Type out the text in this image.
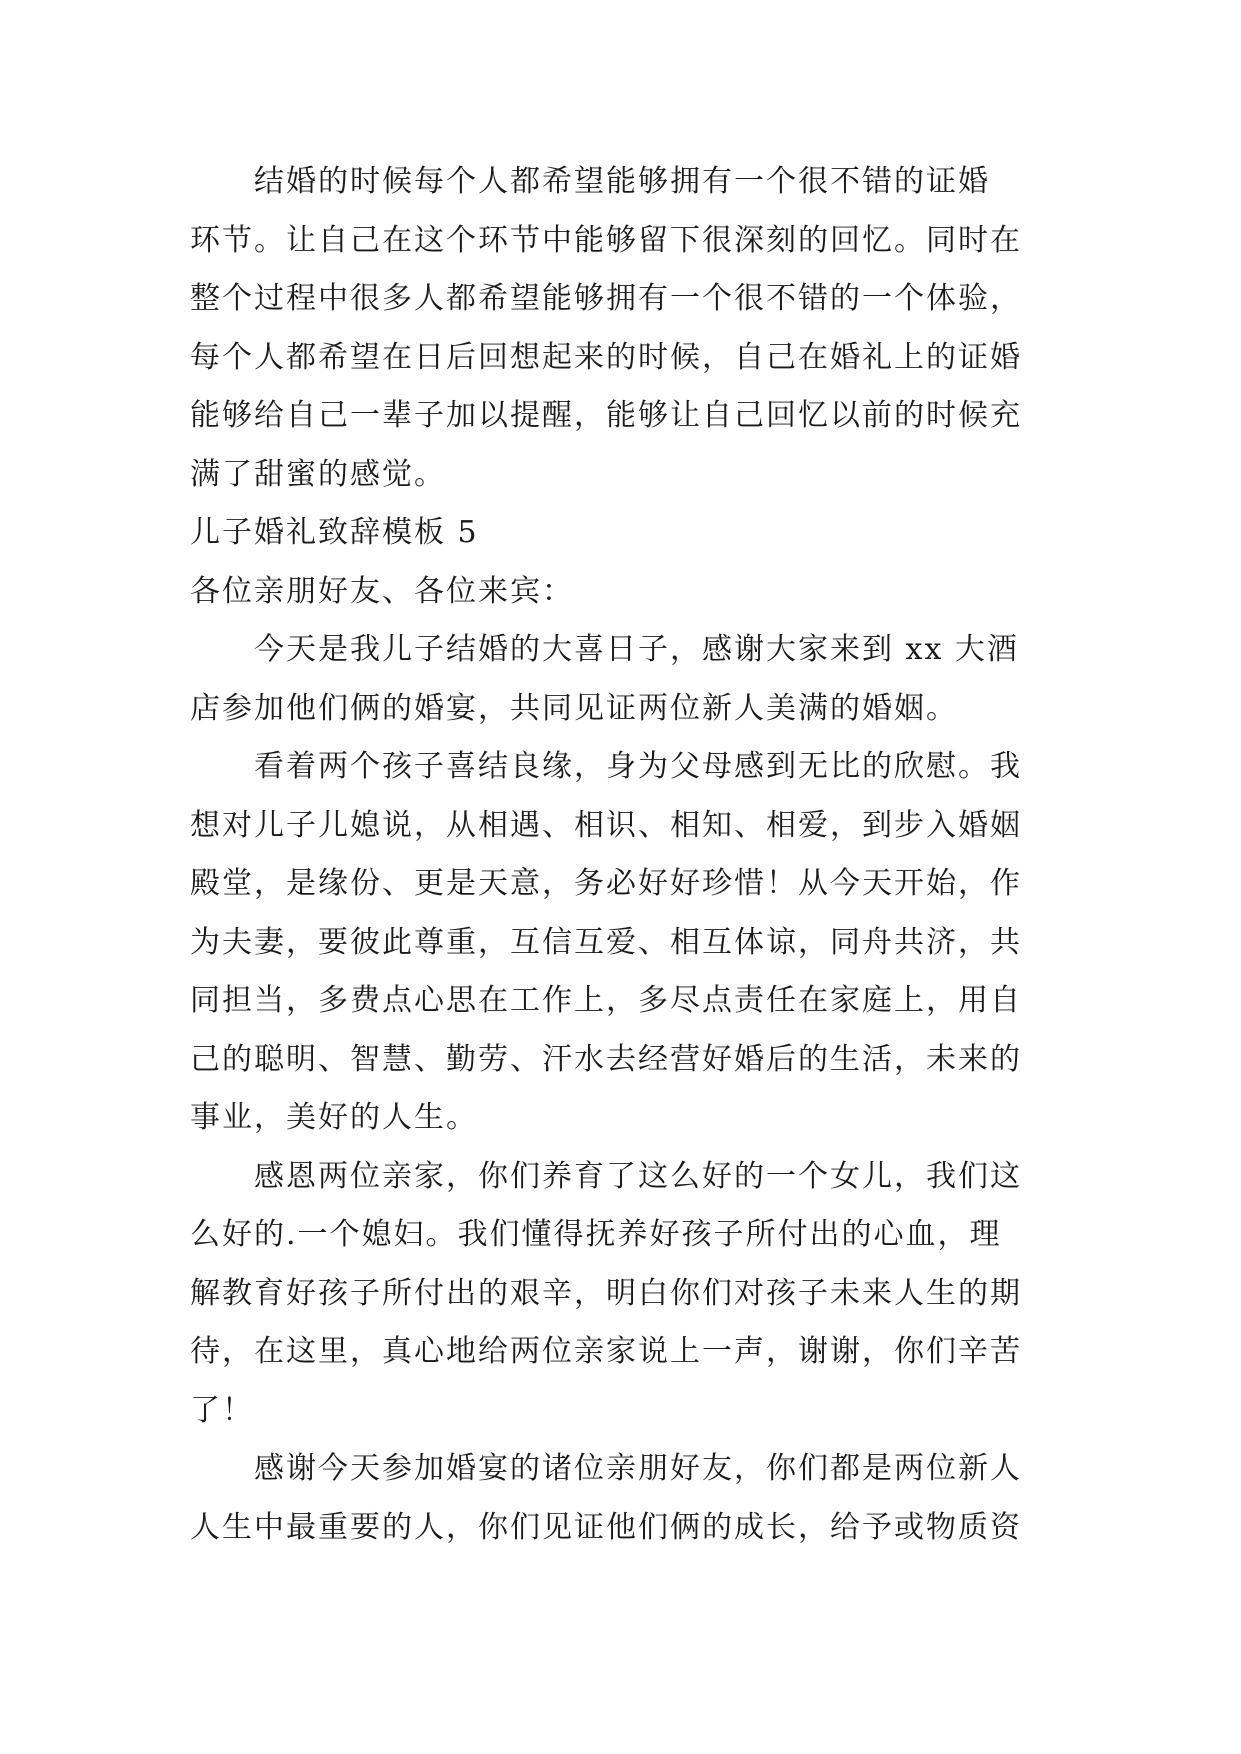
结婚的时候每个人都希望能够拥有一个很不错的证婚
环节。让自己在这个环节中能够留下很深刻的回忆。同时在
整个过程中很多人都希望能够拥有一个很不错的一个体验，
每个人都希望在日后回想起来的时候，自己在婚礼上的证婚
能够给自己一辈子加以提醒，能够让自己回忆以前的时候充
满了甜蜜的感觉。
儿子婚礼致辞模板 5
各位亲朋好友、各位来宾：
今天是我儿子结婚的大喜日子，感谢大家来到 xx 大酒
店参加他们俩的婚宴，共同见证两位新人美满的婚姻。
看着两个孩子喜结良缘，身为父母感到无比的欣慰。我
想对儿子儿媳说，从相遇、相识、相知、相爱，到步入婚姻
殿堂，是缘份、更是天意，务必好好珍惜！从今天开始，作
为夫妻，要彼此尊重，互信互爱、相互体谅，同舟共济，共
同担当，多费点心思在工作上，多尽点责任在家庭上，用自
己的聪明、智慧、勤劳、汗水去经营好婚后的生活，未来的
事业，美好的人生。
感恩两位亲家，你们养育了这么好的一个女儿，我们这
么好的.一个媳妇。我们懂得抚养好孩子所付出的心血，理
解教育好孩子所付出的艰辛，明白你们对孩子未来人生的期
待，在这里，真心地给两位亲家说上一声，谢谢，你们辛苦
了！
感谢今天参加婚宴的诸位亲朋好友，你们都是两位新人
人生中最重要的人，你们见证他们俩的成长，给予或物质资
